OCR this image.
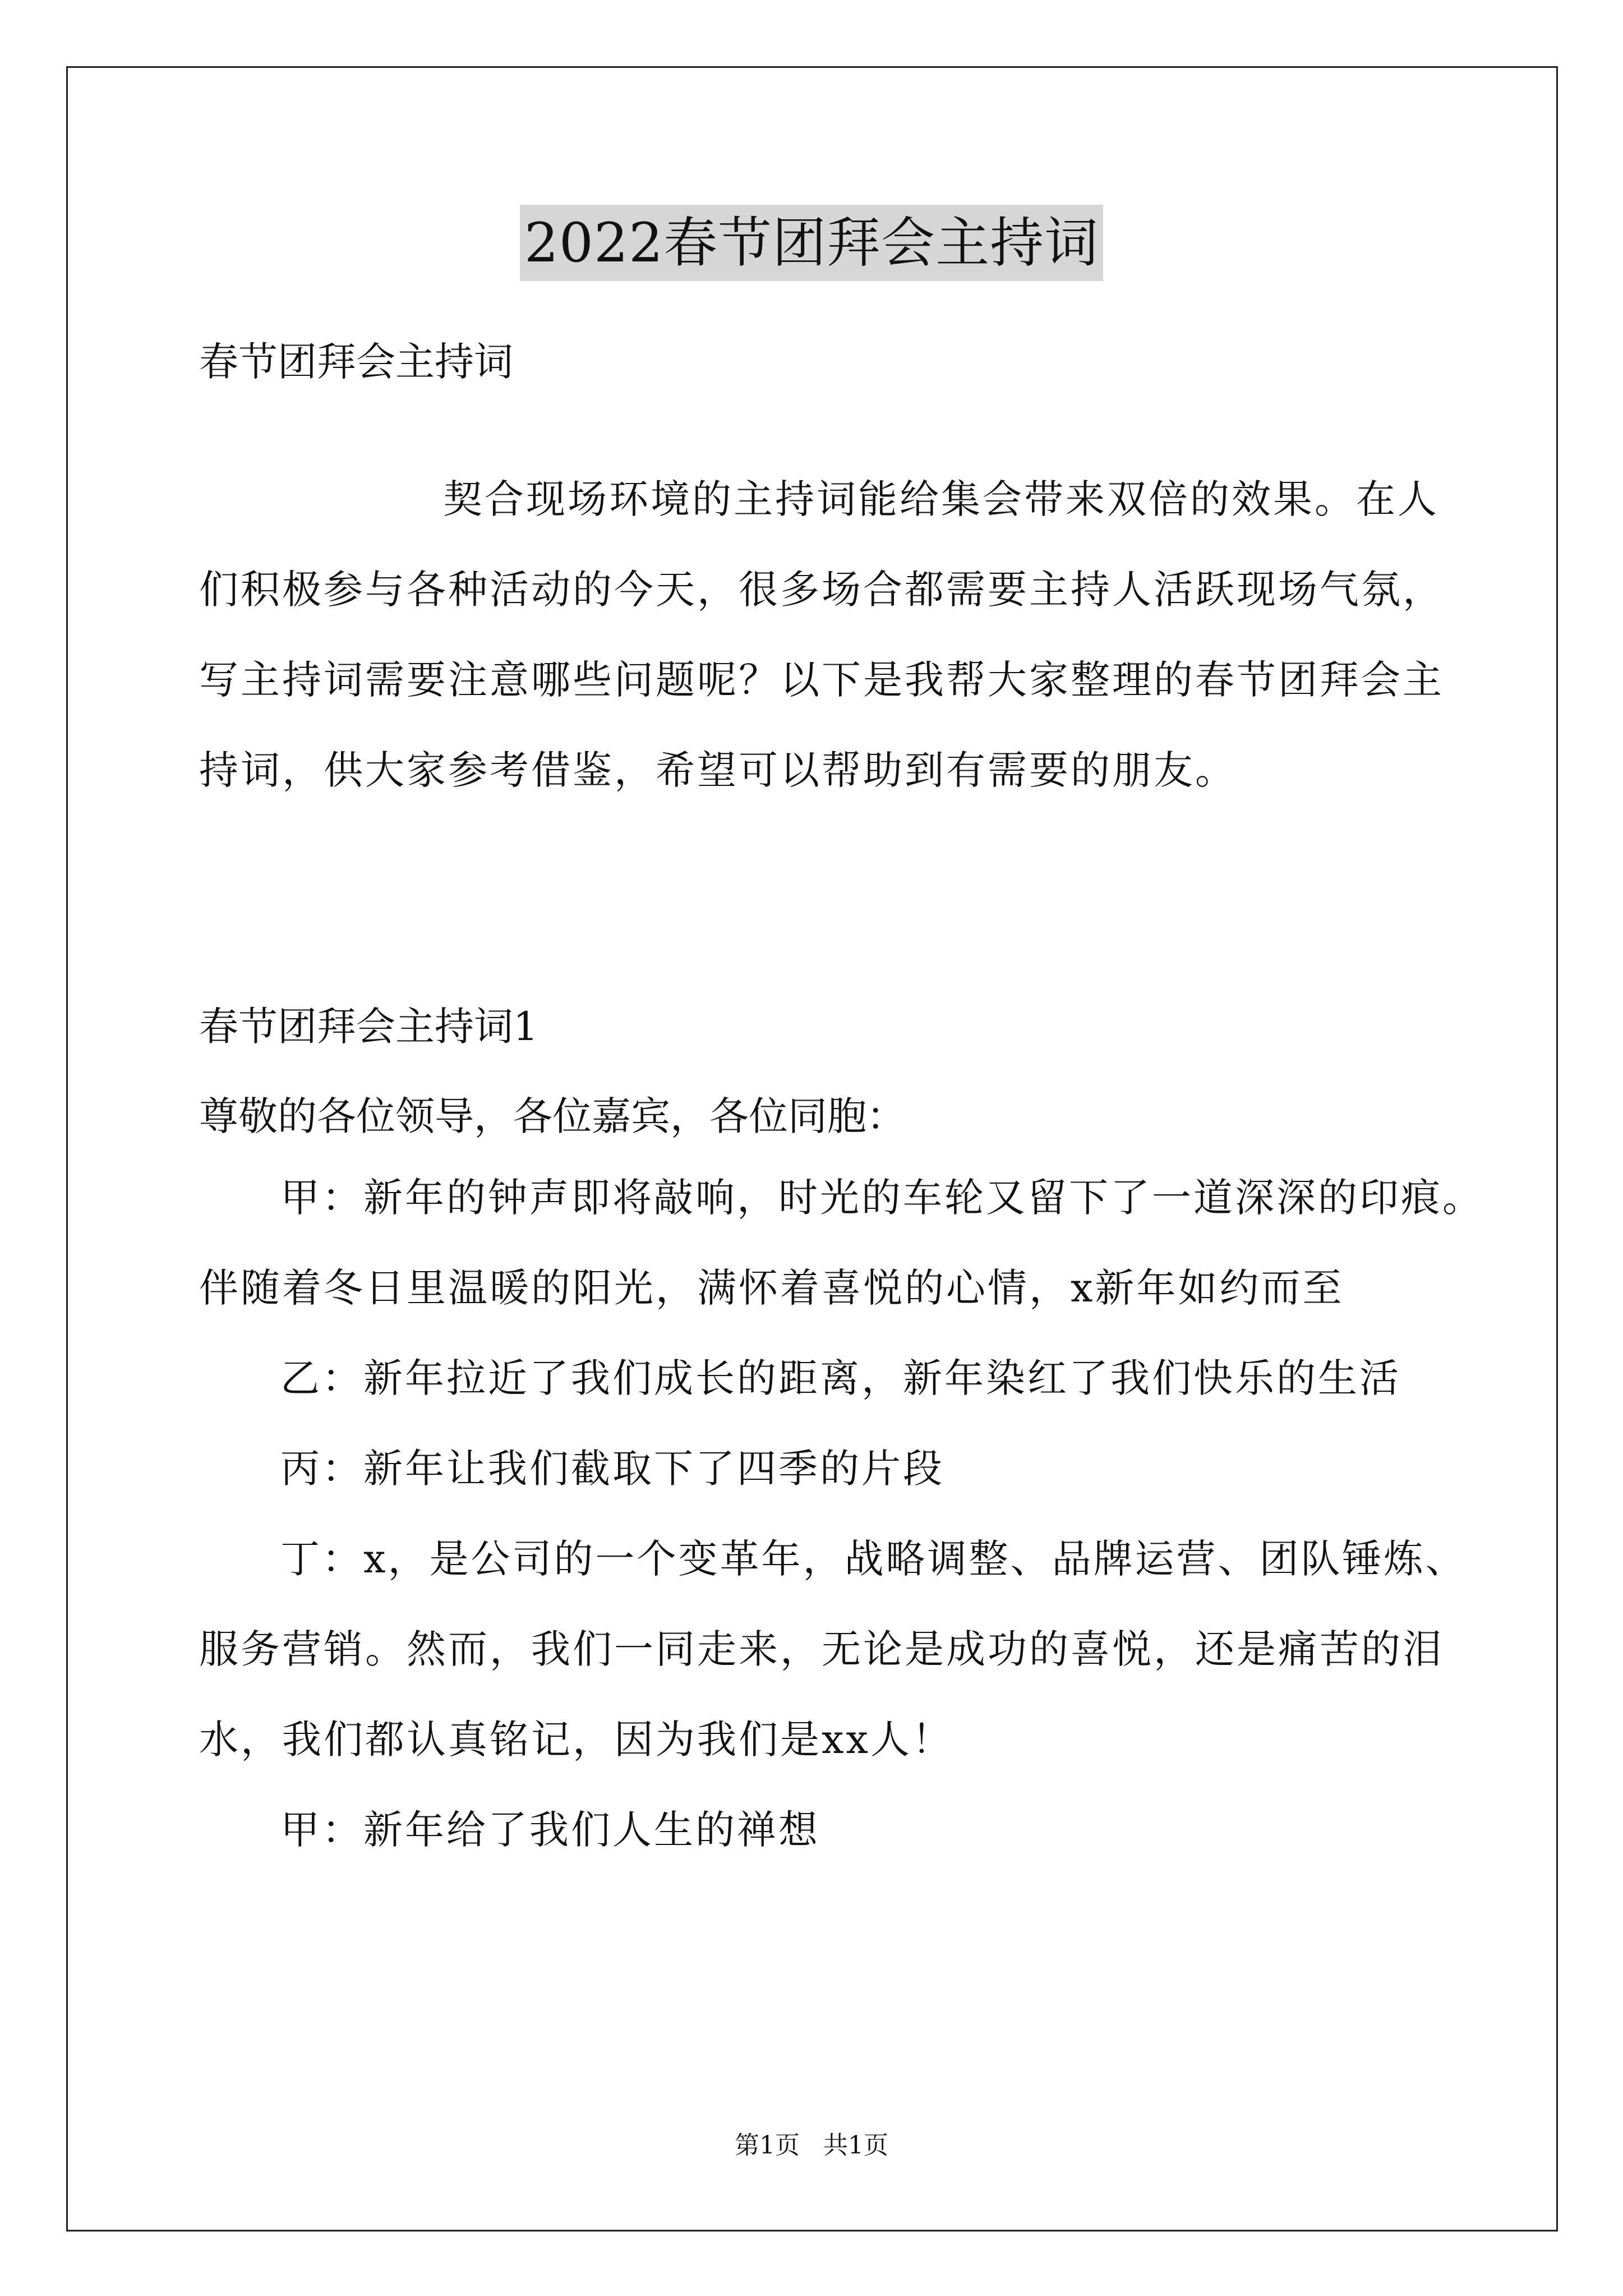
2022春节团拜会主持词
春节团拜会主持词
契合现场环境的主持词能给集会带来双倍的效果。在人们积极参与各种活动的今天，很多场合都需要主持人活跃现场气氛，写主持词需要注意哪些问题呢？以下是我帮大家整理的春节团拜会主持词，供大家参考借鉴，希望可以帮助到有需要的朋友。
春节团拜会主持词1
尊敬的各位领导，各位嘉宾，各位同胞：
甲：新年的钟声即将敲响，时光的车轮又留下了一道深深的印痕。伴随着冬日里温暖的阳光，满怀着喜悦的心情，x新年如约而至
乙：新年拉近了我们成长的距离，新年染红了我们快乐的生活
丙：新年让我们截取下了四季的片段
丁：x，是公司的一个变革年，战略调整、品牌运营、团队锤炼、服务营销。然而，我们一同走来，无论是成功的喜悦，还是痛苦的泪水，我们都认真铭记，因为我们是xx人！
甲：新年给了我们人生的禅想
第1页   共1页
